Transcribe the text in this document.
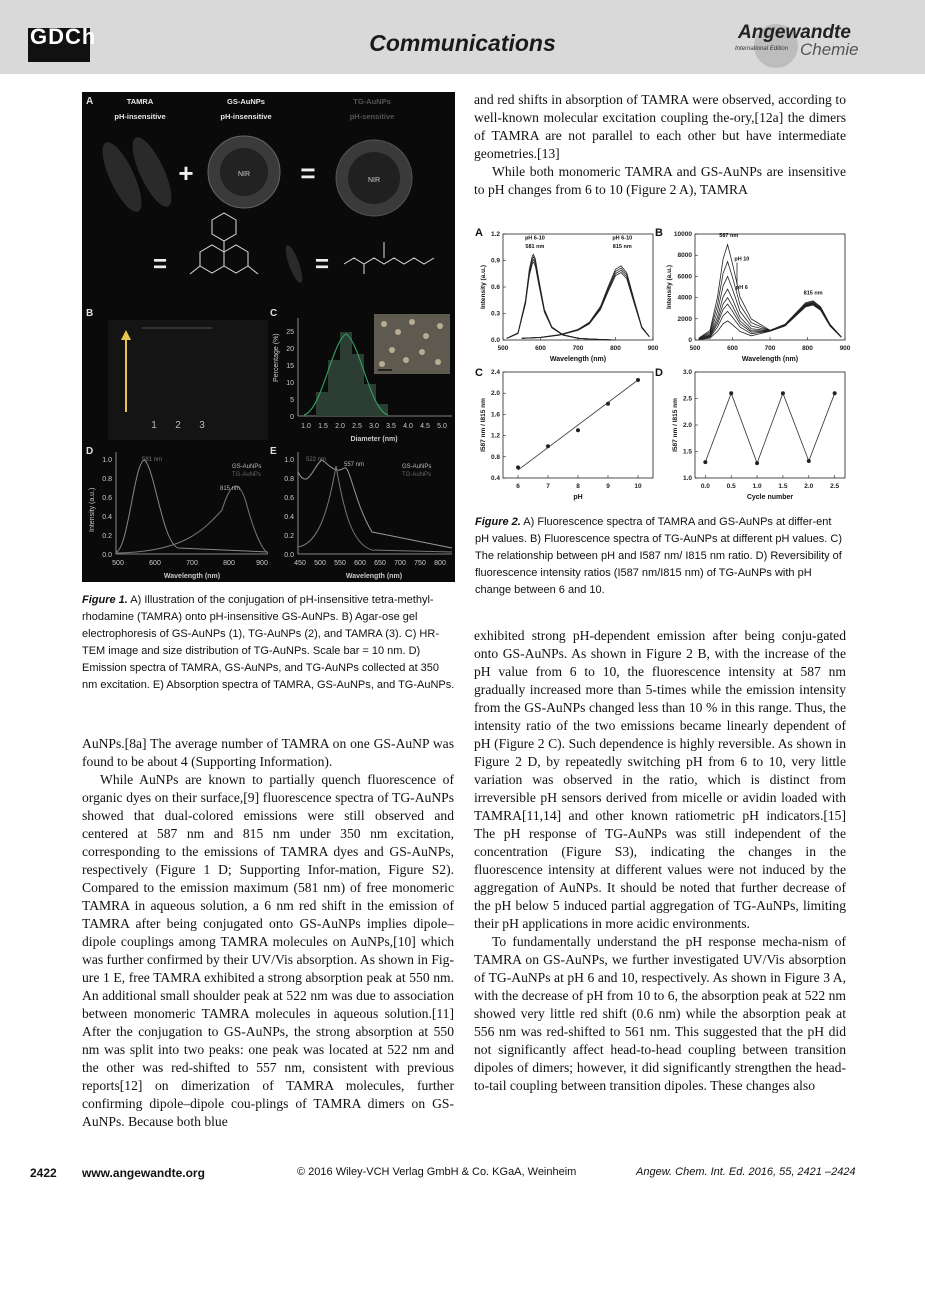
GDCh	Communications	Angewandte
International Edition Chemie
A	TAMRA
pH-insensitive
GS-AuNPs
pH-insensitive
TG-AuNPs
pH-sensitive
+	NIR =	NIR
=	=
B
1 2 3
C
Percentage (%)
0
5
10
15
20
25
1.0 1.5 2.0 2.5 3.0 3.5 4.0 4.5 5.0
Diameter (nm)
D
581 nm
815 nm
GS-AuNPs
TG-AuNPs
Intensity (a.u.)
0.0
0.2
0.4
0.6
0.8
1.0
500	600	700	800	900
Wavelength (nm)
E
522 nm
557 nm	GS-AuNPs
TG-AuNPs
0.0
0.2
0.4
0.6
0.8
1.0
450 500 550 600 650 700 750 800
Wavelength (nm)
Figure 1. A) Illustration of the conjugation of pH-insensitive tetra-methyl-rhodamine (TAMRA) onto pH-insensitive GS-AuNPs. B) Agar-ose gel electrophoresis of GS-AuNPs (1), TG-AuNPs (2), and TAMRA (3). C) HR-TEM image and size distribution of TG-AuNPs. Scale bar = 10 nm. D) Emission spectra of TAMRA, GS-AuNPs, and TG-AuNPs collected at 350 nm excitation. E) Absorption spectra of TAMRA, GS-AuNPs, and TG-AuNPs.
A
500	600	700	800	900
0.0
0.3
0.6
0.9
1.2
Wavelength (nm)
Intensity (a.u.)
pH 6-10
581 nm
pH 6-10
815 nm
B
500	600	700	800	900
0
2000
4000
6000
8000
10000
Wavelength (nm)
Intensity (a.u.)
587 nm
pH 10
pH 6
815 nm
C
6	7	8	9	10
0.4
0.8
1.2
1.6
2.0
2.4
pH
I587 nm / I815 nm
D
0.0	0.5	1.0	1.5	2.0	2.5
1.0
1.5
2.0
2.5
3.0
Cycle number
I587 nm / I815 nm
Figure 2. A) Fluorescence spectra of TAMRA and GS-AuNPs at differ-ent pH values. B) Fluorescence spectra of TG-AuNPs at different pH values. C) The relationship between pH and I587 nm/ I815 nm ratio. D) Reversibility of fluorescence intensity ratios (I587 nm/I815 nm) of TG-AuNPs with pH change between 6 and 10.

AuNPs.[8a] The average number of TAMRA on one GS-AuNP was found to be about 4 (Supporting Information).

While AuNPs are known to partially quench fluorescence of organic dyes on their surface,[9] fluorescence spectra of TG-AuNPs showed that dual-colored emissions were still observed and centered at 587 nm and 815 nm under 350 nm excitation, corresponding to the emissions of TAMRA dyes and GS-AuNPs, respectively (Figure 1 D; Supporting Infor-mation, Figure S2). Compared to the emission maximum (581 nm) of free monomeric TAMRA in aqueous solution, a 6 nm red shift in the emission of TAMRA after being conjugated onto GS-AuNPs implies dipole–dipole couplings among TAMRA molecules on AuNPs,[10] which was further confirmed by their UV/Vis absorption. As shown in Fig-ure 1 E, free TAMRA exhibited a strong absorption peak at 550 nm. An additional small shoulder peak at 522 nm was due to association between monomeric TAMRA molecules in aqueous solution.[11] After the conjugation to GS-AuNPs, the strong absorption at 550 nm was split into two peaks: one peak was located at 522 nm and the other was red-shifted to 557 nm, consistent with previous reports[12] on dimerization of TAMRA molecules, further confirming dipole–dipole cou-plings of TAMRA dimers on GS-AuNPs. Because both blue

and red shifts in absorption of TAMRA were observed, according to well-known molecular excitation coupling the-ory,[12a] the dimers of TAMRA are not parallel to each other but have intermediate geometries.[13]

While both monomeric TAMRA and GS-AuNPs are insensitive to pH changes from 6 to 10 (Figure 2 A), TAMRA

exhibited strong pH-dependent emission after being conju-gated onto GS-AuNPs. As shown in Figure 2 B, with the increase of the pH value from 6 to 10, the fluorescence intensity at 587 nm gradually increased more than 5-times while the emission intensity from the GS-AuNPs changed less than 10 % in this range. Thus, the intensity ratio of the two emissions became linearly dependent of pH (Figure 2 C). Such dependence is highly reversible. As shown in Figure 2 D, by repeatedly switching pH from 6 to 10, very little variation was observed in the ratio, which is distinct from irreversible pH sensors derived from micelle or avidin loaded with TAMRA[11,14] and other known ratiometric pH indicators.[15] The pH response of TG-AuNPs was still independent of the concentration (Figure S3), indicating the changes in the fluorescence intensity at different values were not induced by the aggregation of AuNPs. It should be noted that further decrease of the pH below 5 induced partial aggregation of TG-AuNPs, limiting their pH applications in more acidic environments.

To fundamentally understand the pH response mecha-nism of TAMRA on GS-AuNPs, we further investigated UV/Vis absorption of TG-AuNPs at pH 6 and 10, respectively. As shown in Figure 3 A, with the decrease of pH from 10 to 6, the absorption peak at 522 nm showed very little red shift (0.6 nm) while the absorption peak at 556 nm was red-shifted to 561 nm. This suggested that the pH did not significantly affect head-to-head coupling between transition dipoles of dimers; however, it did significantly strengthen the head-to-tail coupling between transition dipoles. These changes also

2422 www.angewandte.org	© 2016 Wiley-VCH Verlag GmbH & Co. KGaA, Weinheim	Angew. Chem. Int. Ed. 2016, 55, 2421 –2424
